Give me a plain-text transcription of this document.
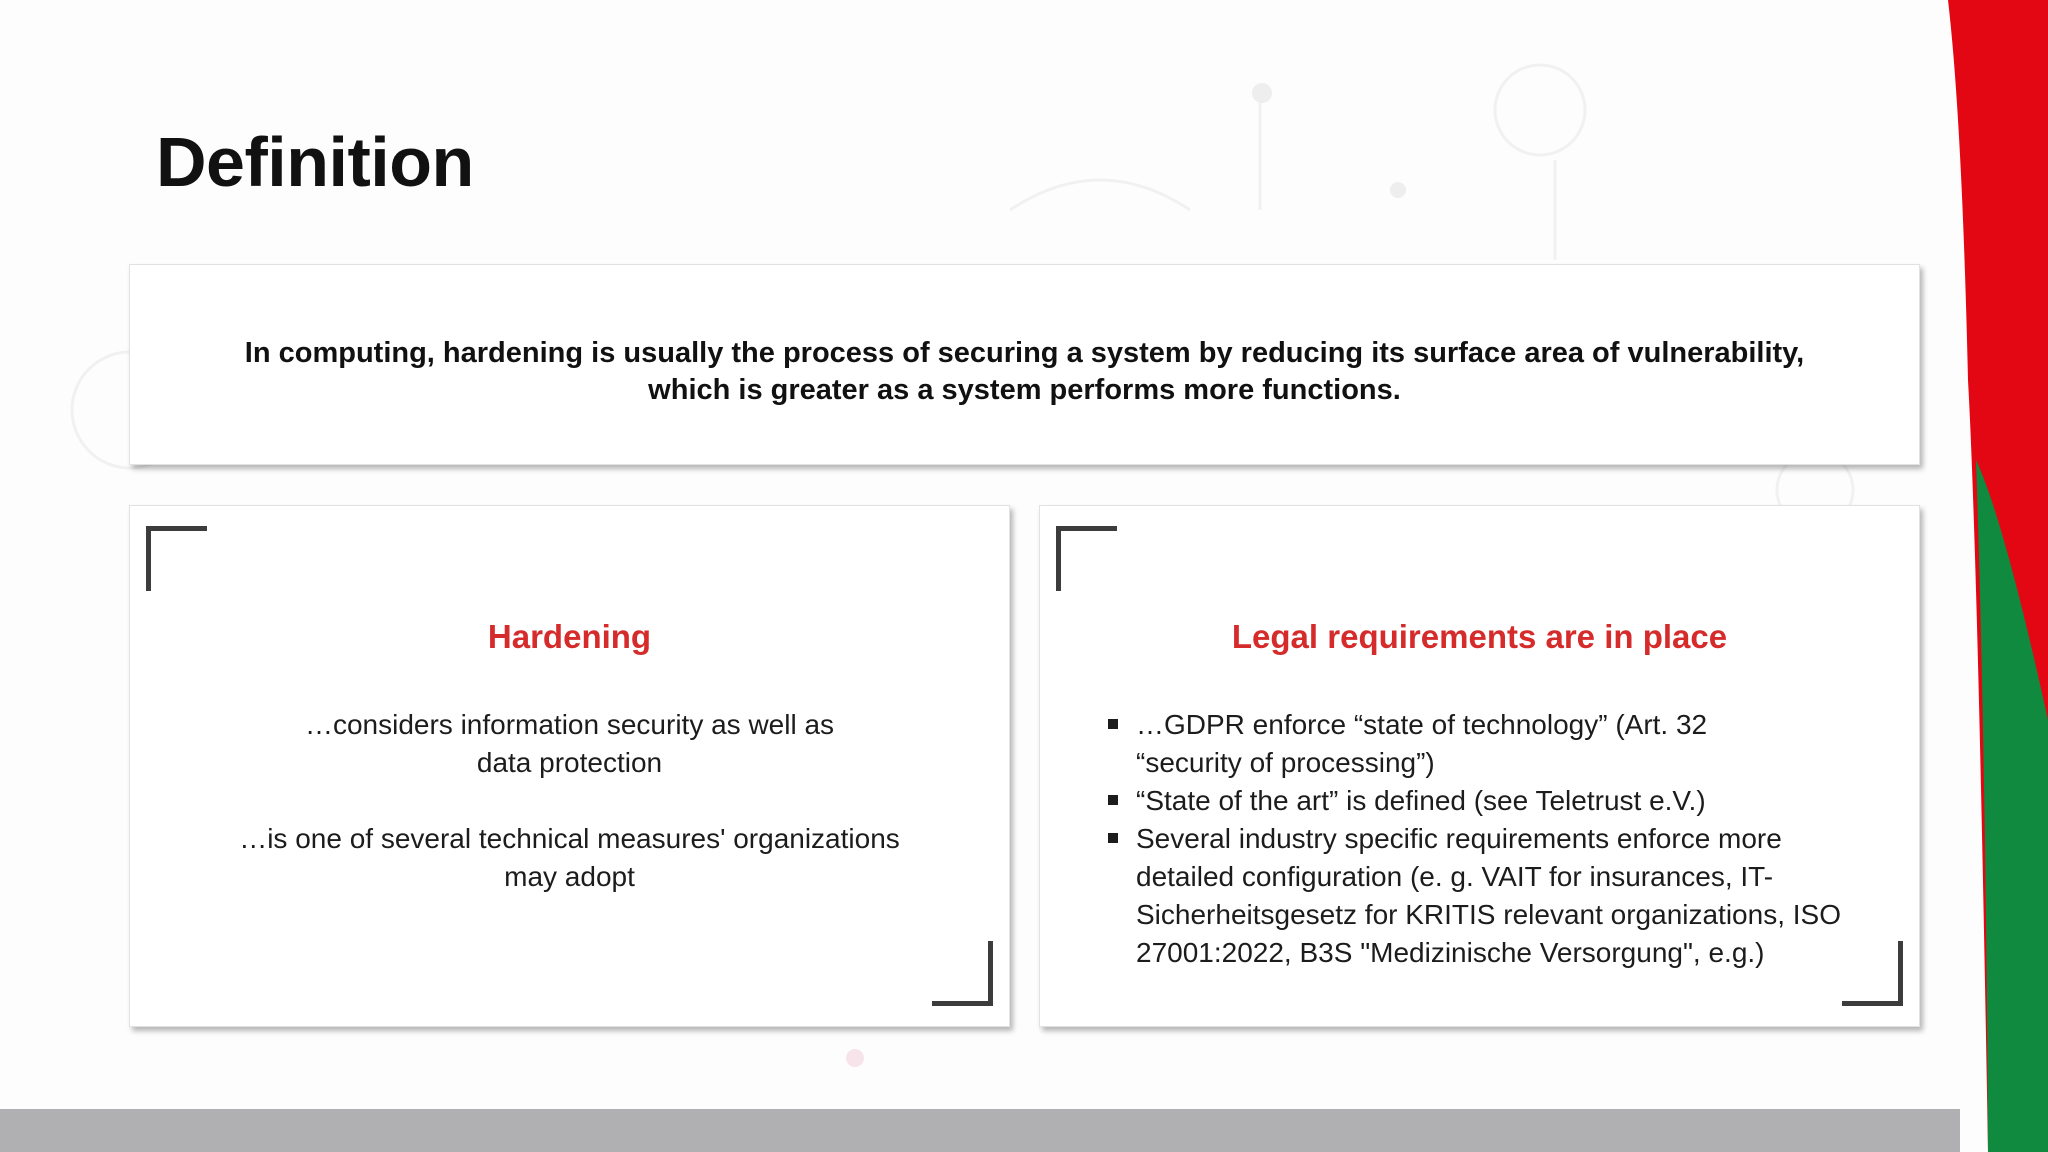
Definition

In computing, hardening is usually the process of securing a system by reducing its surface area of vulnerability,
which is greater as a system performs more functions.

Hardening

…considers information security as well as
data protection

…is one of several technical measures' organizations
may adopt

Legal requirements are in place
…GDPR enforce “state of technology” (Art. 32
“security of processing”)
“State of the art” is defined (see Teletrust e.V.)
Several industry specific requirements enforce more
detailed configuration (e. g. VAIT for insurances, IT-
Sicherheitsgesetz for KRITIS relevant organizations, ISO
27001:2022, B3S "Medizinische Versorgung", e.g.)
